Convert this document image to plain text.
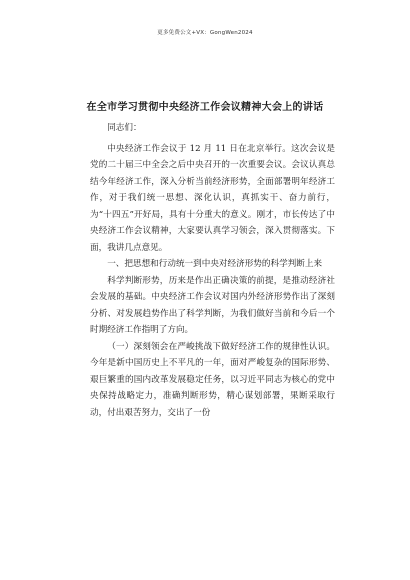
更多免费公文+VX：GongWen2024
在全市学习贯彻中央经济工作会议精神大会上的讲话

同志们：

中央经济工作会议于 12 月 11 日在北京举行。这次会议是党的二十届三中全会之后中央召开的一次重要会议。会议认真总结今年经济工作，深入分析当前经济形势，全面部署明年经济工作，对于我们统一思想、深化认识，真抓实干、奋力前行，为“十四五”开好局，具有十分重大的意义。刚才，市长传达了中央经济工作会议精神，大家要认真学习领会，深入贯彻落实。下面，我讲几点意见。

一、把思想和行动统一到中央对经济形势的科学判断上来

科学判断形势，历来是作出正确决策的前提，是推动经济社会发展的基础。中央经济工作会议对国内外经济形势作出了深刻分析、对发展趋势作出了科学判断，为我们做好当前和今后一个时期经济工作指明了方向。

（一）深刻领会在严峻挑战下做好经济工作的规律性认识。今年是新中国历史上不平凡的一年，面对严峻复杂的国际形势、艰巨繁重的国内改革发展稳定任务，以习近平同志为核心的党中央保持战略定力，准确判断形势，精心谋划部署，果断采取行动，付出艰苦努力，交出了一份
